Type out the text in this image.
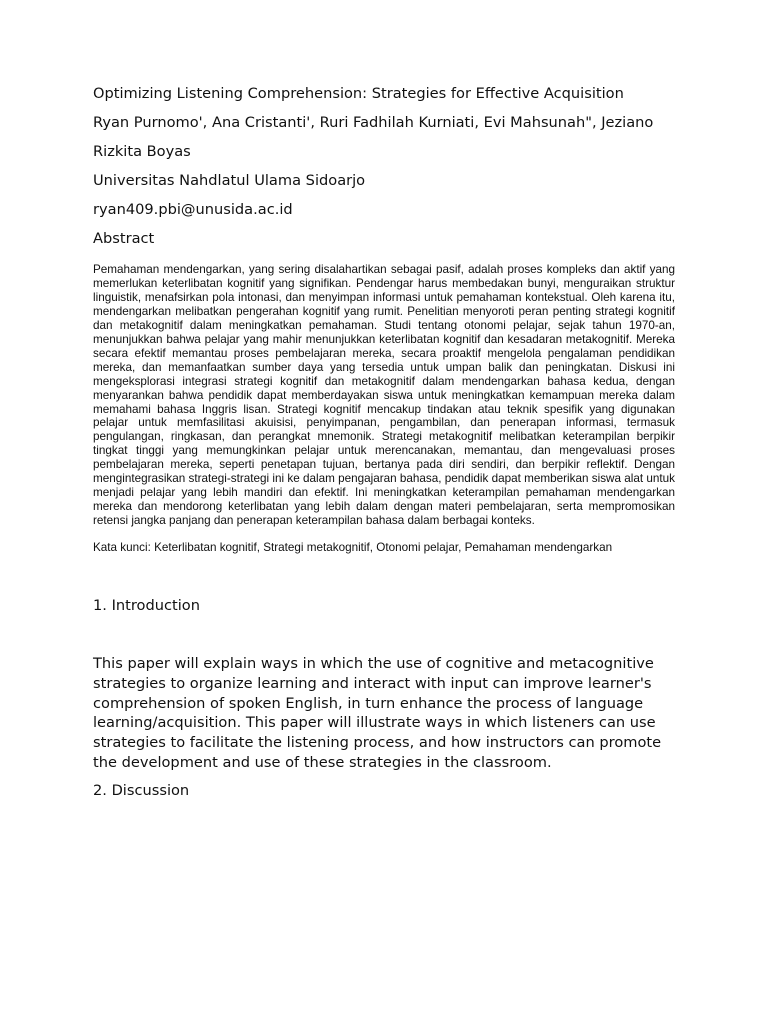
Optimizing Listening Comprehension: Strategies for Effective Acquisition

Ryan Purnomo', Ana Cristanti', Ruri Fadhilah Kurniati, Evi Mahsunah", Jeziano

Rizkita Boyas

Universitas Nahdlatul Ulama Sidoarjo

ryan409.pbi@unusida.ac.id

Abstract

Pemahaman mendengarkan, yang sering disalahartikan sebagai pasif, adalah proses kompleks dan aktif yang memerlukan keterlibatan kognitif yang signifikan. Pendengar harus membedakan bunyi, menguraikan struktur linguistik, menafsirkan pola intonasi, dan menyimpan informasi untuk pemahaman kontekstual. Oleh karena itu, mendengarkan melibatkan pengerahan kognitif yang rumit. Penelitian menyoroti peran penting strategi kognitif dan metakognitif dalam meningkatkan pemahaman. Studi tentang otonomi pelajar, sejak tahun 1970-an, menunjukkan bahwa pelajar yang mahir menunjukkan keterlibatan kognitif dan kesadaran metakognitif. Mereka secara efektif memantau proses pembelajaran mereka, secara proaktif mengelola pengalaman pendidikan mereka, dan memanfaatkan sumber daya yang tersedia untuk umpan balik dan peningkatan. Diskusi ini mengeksplorasi integrasi strategi kognitif dan metakognitif dalam mendengarkan bahasa kedua, dengan menyarankan bahwa pendidik dapat memberdayakan siswa untuk meningkatkan kemampuan mereka dalam memahami bahasa Inggris lisan. Strategi kognitif mencakup tindakan atau teknik spesifik yang digunakan pelajar untuk memfasilitasi akuisisi, penyimpanan, pengambilan, dan penerapan informasi, termasuk pengulangan, ringkasan, dan perangkat mnemonik. Strategi metakognitif melibatkan keterampilan berpikir tingkat tinggi yang memungkinkan pelajar untuk merencanakan, memantau, dan mengevaluasi proses pembelajaran mereka, seperti penetapan tujuan, bertanya pada diri sendiri, dan berpikir reflektif. Dengan mengintegrasikan strategi-strategi ini ke dalam pengajaran bahasa, pendidik dapat memberikan siswa alat untuk menjadi pelajar yang lebih mandiri dan efektif. Ini meningkatkan keterampilan pemahaman mendengarkan mereka dan mendorong keterlibatan yang lebih dalam dengan materi pembelajaran, serta mempromosikan retensi jangka panjang dan penerapan keterampilan bahasa dalam berbagai konteks.

Kata kunci: Keterlibatan kognitif, Strategi metakognitif, Otonomi pelajar, Pemahaman mendengarkan

1. Introduction

This paper will explain ways in which the use of cognitive and metacognitive strategies to organize learning and interact with input can improve learner's comprehension of spoken English, in turn enhance the process of language learning/acquisition. This paper will illustrate ways in which listeners can use strategies to facilitate the listening process, and how instructors can promote the development and use of these strategies in the classroom.

2. Discussion
